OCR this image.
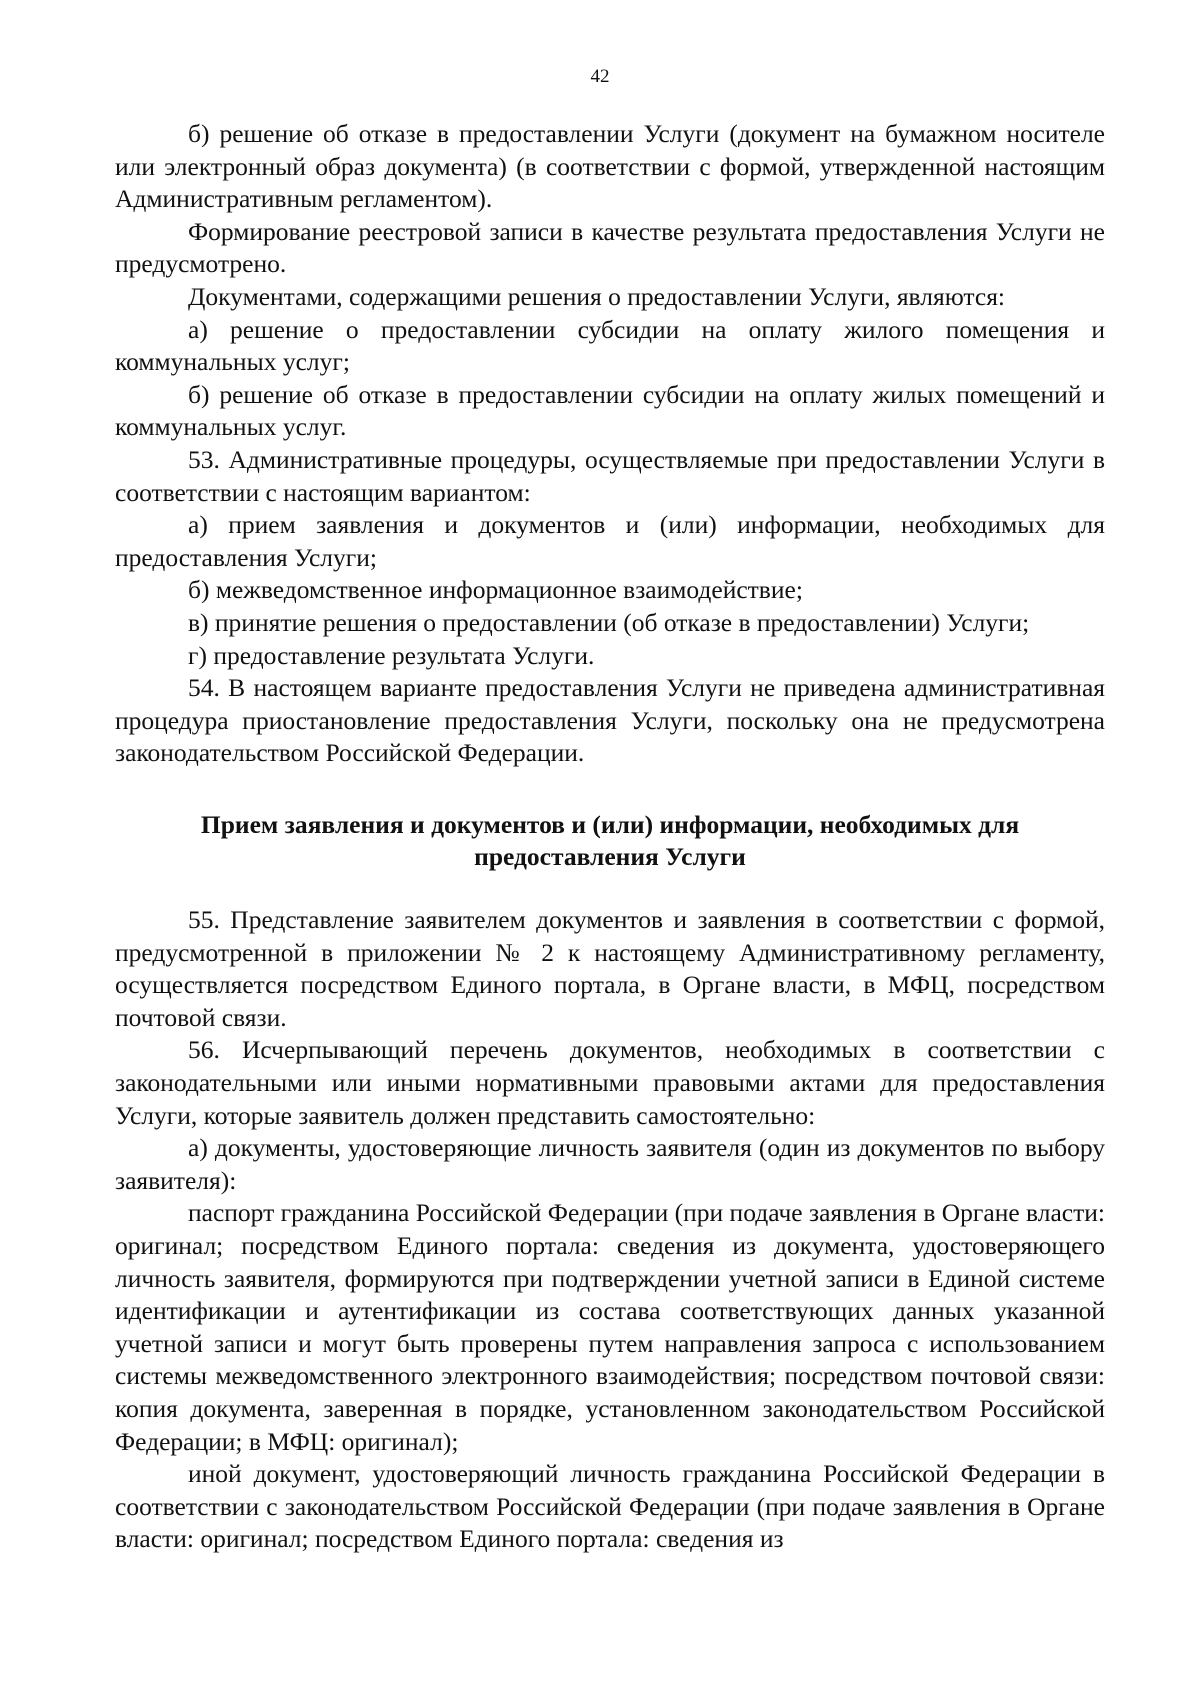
42

б) решение об отказе в предоставлении Услуги (документ на бумажном носителе или электронный образ документа) (в соответствии с формой, утвержденной настоящим Административным регламентом).

Формирование реестровой записи в качестве результата предоставления Услуги не предусмотрено.

Документами, содержащими решения о предоставлении Услуги, являются:

а) решение о предоставлении субсидии на оплату жилого помещения и коммунальных услуг;

б) решение об отказе в предоставлении субсидии на оплату жилых помещений и коммунальных услуг.

53. Административные процедуры, осуществляемые при предоставлении Услуги в соответствии с настоящим вариантом:

а) прием заявления и документов и (или) информации, необходимых для предоставления Услуги;

б) межведомственное информационное взаимодействие;

в) принятие решения о предоставлении (об отказе в предоставлении) Услуги;

г) предоставление результата Услуги.

54. В настоящем варианте предоставления Услуги не приведена административная процедура приостановление предоставления Услуги, поскольку она не предусмотрена законодательством Российской Федерации.

Прием заявления и документов и (или) информации, необходимых для предоставления Услуги

55. Представление заявителем документов и заявления в соответствии с формой, предусмотренной в приложении № 2 к настоящему Административному регламенту, осуществляется посредством Единого портала, в Органе власти, в МФЦ, посредством почтовой связи.

56. Исчерпывающий перечень документов, необходимых в соответствии с законодательными или иными нормативными правовыми актами для предоставления Услуги, которые заявитель должен представить самостоятельно:

а) документы, удостоверяющие личность заявителя (один из документов по выбору заявителя):

паспорт гражданина Российской Федерации (при подаче заявления в Органе власти: оригинал; посредством Единого портала: сведения из документа, удостоверяющего личность заявителя, формируются при подтверждении учетной записи в Единой системе идентификации и аутентификации из состава соответствующих данных указанной учетной записи и могут быть проверены путем направления запроса с использованием системы межведомственного электронного взаимодействия; посредством почтовой связи: копия документа, заверенная в порядке, установленном законодательством Российской Федерации; в МФЦ: оригинал);

иной документ, удостоверяющий личность гражданина Российской Федерации в соответствии с законодательством Российской Федерации (при подаче заявления в Органе власти: оригинал; посредством Единого портала: сведения из
